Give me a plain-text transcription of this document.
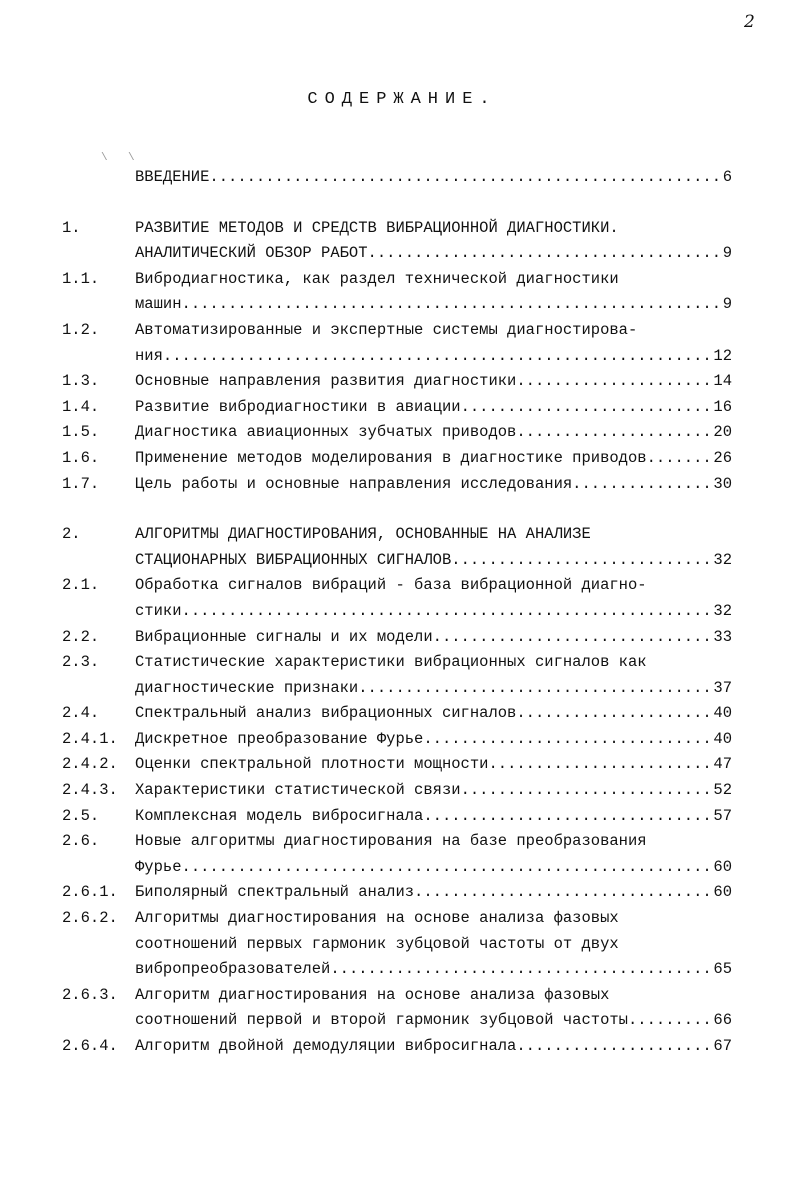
2
СОДЕРЖАНИЕ.
\ \
ВВЕДЕНИЕ .....	6
1.	РАЗВИТИЕ МЕТОДОВ И СРЕДСТВ ВИБРАЦИОННОЙ ДИАГНОСТИКИ.
АНАЛИТИЧЕСКИЙ ОБЗОР РАБОТ .....	9
1.1.	Вибродиагностика, как раздел технической диагностики
машин .....	9
1.2.	Автоматизированные и экспертные системы диагностирова-
ния .....	12
1.3.	Основные направления развития диагностики .....	14
1.4.	Развитие вибродиагностики в авиации .....	16
1.5.	Диагностика авиационных зубчатых приводов .....	20
1.6.	Применение методов моделирования в диагностике приводов .....	26
1.7.	Цель работы и основные направления исследования .....	30
2.	АЛГОРИТМЫ ДИАГНОСТИРОВАНИЯ, ОСНОВАННЫЕ НА АНАЛИЗЕ
СТАЦИОНАРНЫХ ВИБРАЦИОННЫХ СИГНАЛОВ .....	32
2.1.	Обработка сигналов вибраций - база вибрационной диагно-
стики .....	32
2.2.	Вибрационные сигналы и их модели .....	33
2.3.	Статистические характеристики вибрационных сигналов как
диагностические признаки .....	37
2.4.	Спектральный анализ вибрационных сигналов .....	40
2.4.1.	Дискретное преобразование Фурье .....	40
2.4.2.	Оценки спектральной плотности мощности .....	47
2.4.3.	Характеристики статистической связи .....	52
2.5.	Комплексная модель вибросигнала .....	57
2.6.	Новые алгоритмы диагностирования на базе преобразования
Фурье .....	60
2.6.1.	Биполярный спектральный анализ .....	60
2.6.2.	Алгоритмы диагностирования на основе анализа фазовых
соотношений первых гармоник зубцовой частоты от двух
вибропреобразователей .....	65
2.6.3.	Алгоритм диагностирования на основе анализа фазовых
соотношений первой и второй гармоник зубцовой частоты .....	66
2.6.4.	Алгоритм двойной демодуляции вибросигнала .....	67
